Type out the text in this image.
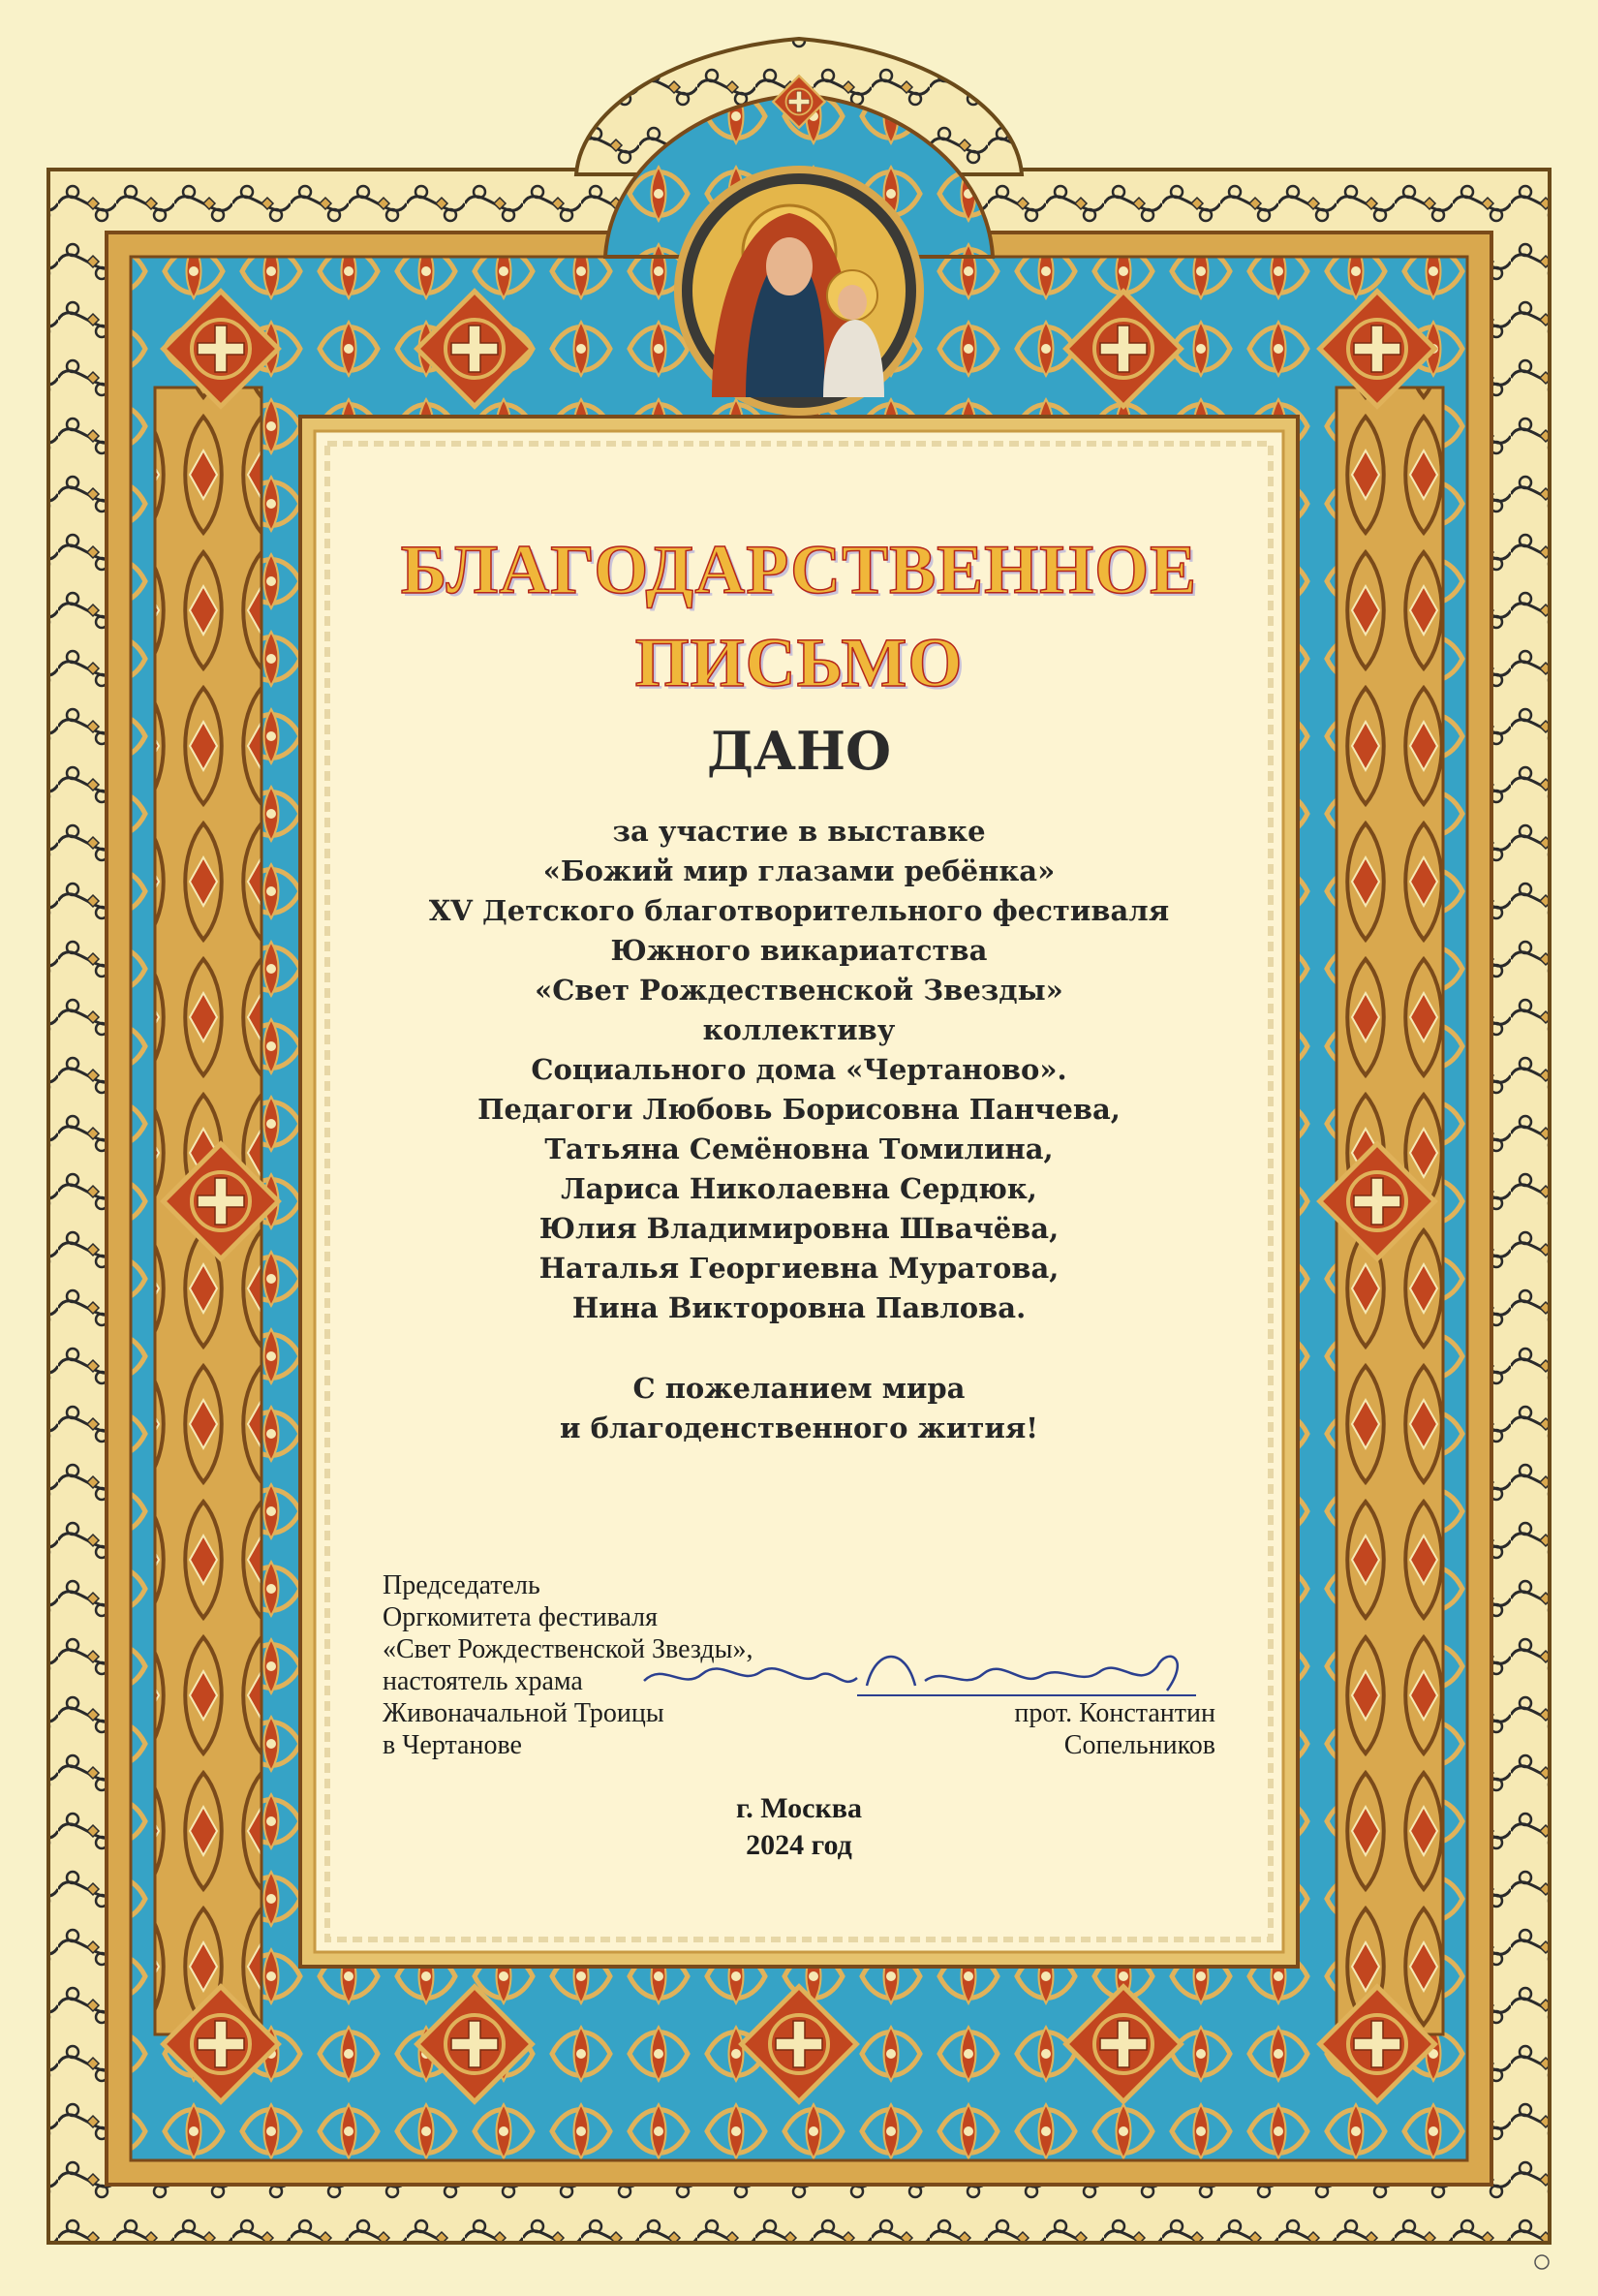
БЛАГОДАРСТВЕННОЕ
ПИСЬМО
ДАНО
за участие в выставке
«Божий мир глазами ребёнка»
XV Детского благотворительного фестиваля
Южного викариатства
«Свет Рождественской Звезды»
коллективу
Социального дома «Чертаново».
Педагоги Любовь Борисовна Панчева,
Татьяна Семёновна Томилина,
Лариса Николаевна Сердюк,
Юлия Владимировна Швачёва,
Наталья Георгиевна Муратова,
Нина Викторовна Павлова.
С пожеланием мира
и благоденственного жития!
Председатель
Оргкомитета фестиваля
«Свет Рождественской Звезды»,
настоятель храма
Живоначальной Троицы
в Чертанове
прот. Константин
Сопельников
г. Москва
2024 год
